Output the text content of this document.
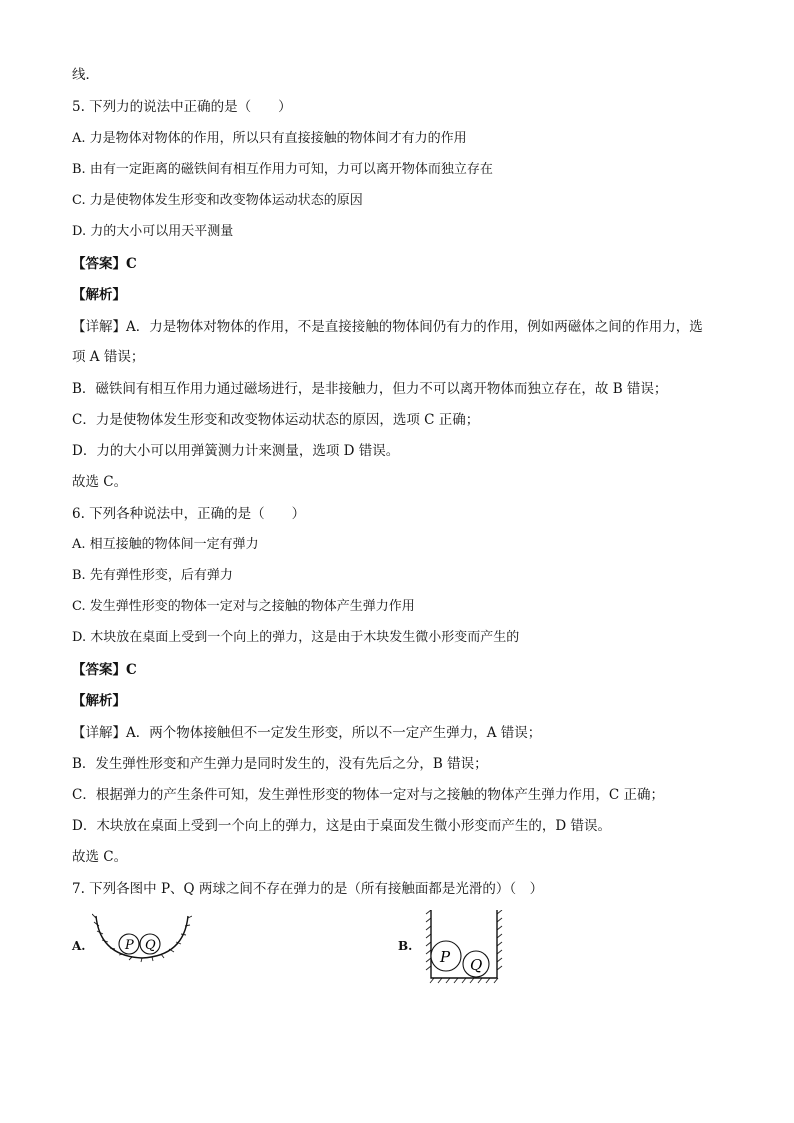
线．
5. 下列力的说法中正确的是（　　）
A. 力是物体对物体的作用，所以只有直接接触的物体间才有力的作用
B. 由有一定距离的磁铁间有相互作用力可知，力可以离开物体而独立存在
C. 力是使物体发生形变和改变物体运动状态的原因
D. 力的大小可以用天平测量
【答案】C
【解析】
【详解】A．力是物体对物体的作用，不是直接接触的物体间仍有力的作用，例如两磁体之间的作用力，选
项 A 错误；
B．磁铁间有相互作用力通过磁场进行，是非接触力，但力不可以离开物体而独立存在，故 B 错误；
C．力是使物体发生形变和改变物体运动状态的原因，选项 C 正确；
D．力的大小可以用弹簧测力计来测量，选项 D 错误。
故选 C。
6. 下列各种说法中，正确的是（　　）
A. 相互接触的物体间一定有弹力
B. 先有弹性形变，后有弹力
C. 发生弹性形变的物体一定对与之接触的物体产生弹力作用
D. 木块放在桌面上受到一个向上的弹力，这是由于木块发生微小形变而产生的
【答案】C
【解析】
【详解】A．两个物体接触但不一定发生形变，所以不一定产生弹力，A 错误；
B．发生弹性形变和产生弹力是同时发生的，没有先后之分，B 错误；
C．根据弹力的产生条件可知，发生弹性形变的物体一定对与之接触的物体产生弹力作用，C 正确；
D．木块放在桌面上受到一个向上的弹力，这是由于桌面发生微小形变而产生的，D 错误。
故选 C。
7. 下列各图中 P、Q 两球之间不存在弹力的是（所有接触面都是光滑的）（　）
A.	P Q	B.
P Q
